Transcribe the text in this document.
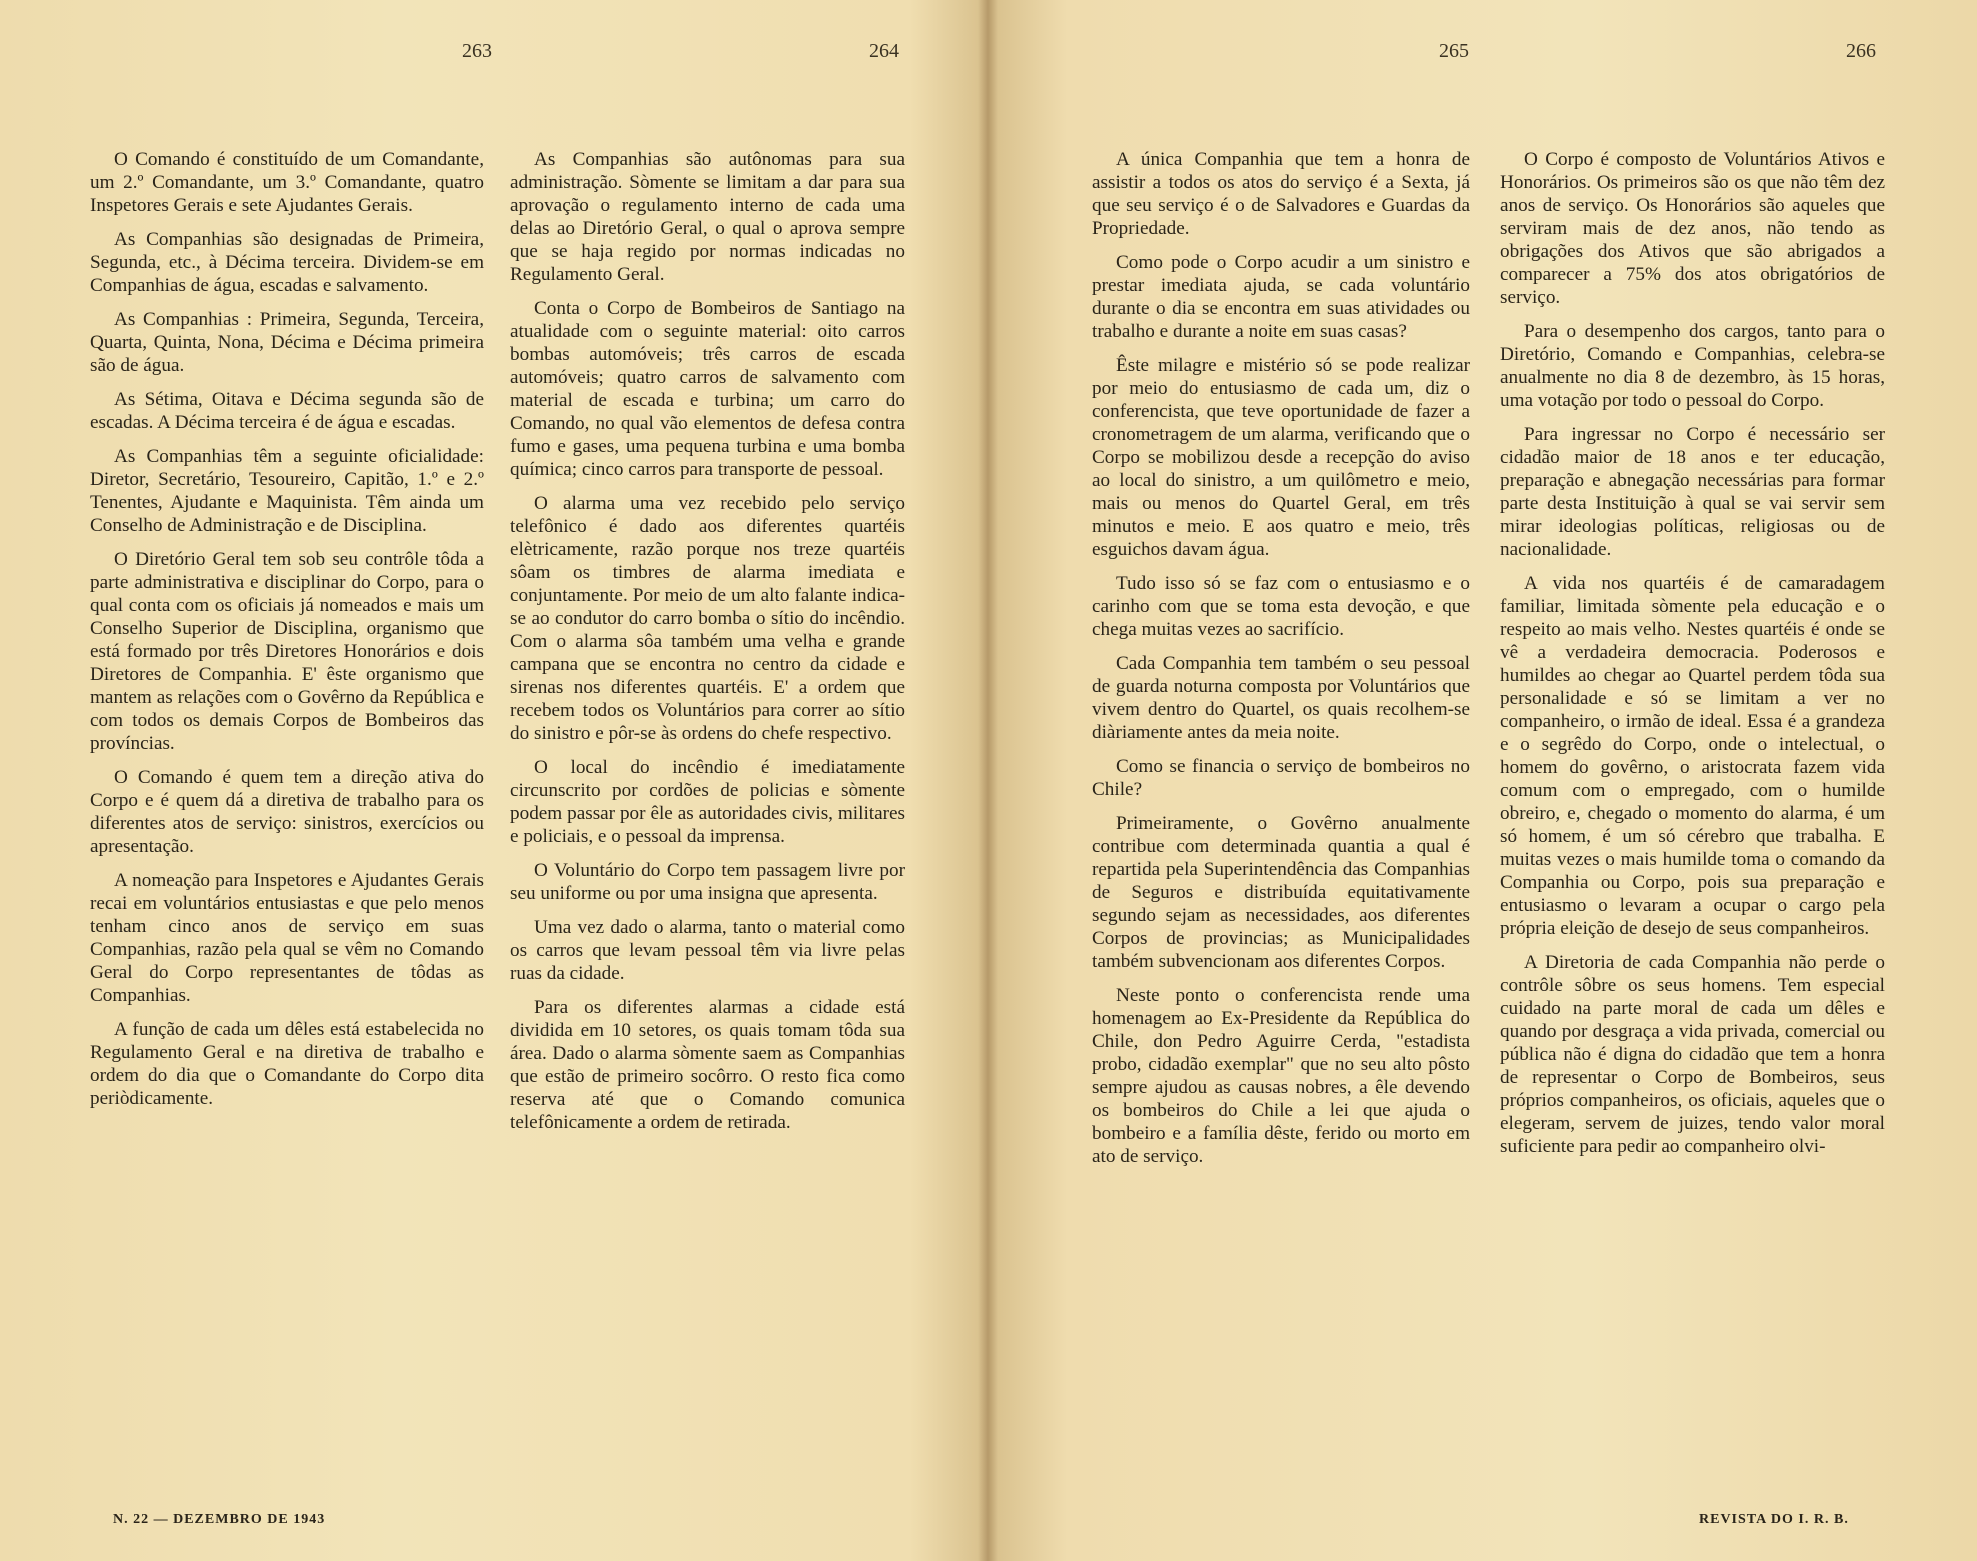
263	264

O Comando é constituído de um Comandante, um 2.º Comandante, um 3.º Comandante, quatro Inspetores Gerais e sete Ajudantes Gerais.

As Companhias são designadas de Primeira, Segunda, etc., à Décima terceira. Dividem-se em Companhias de água, escadas e salvamento.

As Companhias : Primeira, Segunda, Terceira, Quarta, Quinta, Nona, Décima e Décima primeira são de água.

As Sétima, Oitava e Décima segunda são de escadas. A Décima terceira é de água e escadas.

As Companhias têm a seguinte oficialidade: Diretor, Secretário, Tesoureiro, Capitão, 1.º e 2.º Tenentes, Ajudante e Maquinista. Têm ainda um Conselho de Administração e de Disciplina.

O Diretório Geral tem sob seu contrôle tôda a parte administrativa e disciplinar do Corpo, para o qual conta com os oficiais já nomeados e mais um Conselho Superior de Disciplina, organismo que está formado por três Diretores Honorários e dois Diretores de Companhia. E' êste organismo que mantem as relações com o Govêrno da República e com todos os demais Corpos de Bombeiros das províncias.

O Comando é quem tem a direção ativa do Corpo e é quem dá a diretiva de trabalho para os diferentes atos de serviço: sinistros, exercícios ou apresentação.

A nomeação para Inspetores e Ajudantes Gerais recai em voluntários entusiastas e que pelo menos tenham cinco anos de serviço em suas Companhias, razão pela qual se vêm no Comando Geral do Corpo representantes de tôdas as Companhias.

A função de cada um dêles está estabelecida no Regulamento Geral e na diretiva de trabalho e ordem do dia que o Comandante do Corpo dita periòdicamente.

As Companhias são autônomas para sua administração. Sòmente se limitam a dar para sua aprovação o regulamento interno de cada uma delas ao Diretório Geral, o qual o aprova sempre que se haja regido por normas indicadas no Regulamento Geral.

Conta o Corpo de Bombeiros de Santiago na atualidade com o seguinte material: oito carros bombas automóveis; três carros de escada automóveis; quatro carros de salvamento com material de escada e turbina; um carro do Comando, no qual vão elementos de defesa contra fumo e gases, uma pequena turbina e uma bomba química; cinco carros para transporte de pessoal.

O alarma uma vez recebido pelo serviço telefônico é dado aos diferentes quartéis elètricamente, razão porque nos treze quartéis sôam os timbres de alarma imediata e conjuntamente. Por meio de um alto falante indica-se ao condutor do carro bomba o sítio do incêndio. Com o alarma sôa também uma velha e grande campana que se encontra no centro da cidade e sirenas nos diferentes quartéis. E' a ordem que recebem todos os Voluntários para correr ao sítio do sinistro e pôr-se às ordens do chefe respectivo.

O local do incêndio é imediatamente circunscrito por cordões de policias e sòmente podem passar por êle as autoridades civis, militares e policiais, e o pessoal da imprensa.

O Voluntário do Corpo tem passagem livre por seu uniforme ou por uma insigna que apresenta.

Uma vez dado o alarma, tanto o material como os carros que levam pessoal têm via livre pelas ruas da cidade.

Para os diferentes alarmas a cidade está dividida em 10 setores, os quais tomam tôda sua área. Dado o alarma sòmente saem as Companhias que estão de primeiro socôrro. O resto fica como reserva até que o Comando comunica telefônicamente a ordem de retirada.

N. 22 — DEZEMBRO DE 1943
265	266

A única Companhia que tem a honra de assistir a todos os atos do serviço é a Sexta, já que seu serviço é o de Salvadores e Guardas da Propriedade.

Como pode o Corpo acudir a um sinistro e prestar imediata ajuda, se cada voluntário durante o dia se encontra em suas atividades ou trabalho e durante a noite em suas casas?

Êste milagre e mistério só se pode realizar por meio do entusiasmo de cada um, diz o conferencista, que teve oportunidade de fazer a cronometragem de um alarma, verificando que o Corpo se mobilizou desde a recepção do aviso ao local do sinistro, a um quilômetro e meio, mais ou menos do Quartel Geral, em três minutos e meio. E aos quatro e meio, três esguichos davam água.

Tudo isso só se faz com o entusiasmo e o carinho com que se toma esta devoção, e que chega muitas vezes ao sacrifício.

Cada Companhia tem também o seu pessoal de guarda noturna composta por Voluntários que vivem dentro do Quartel, os quais recolhem-se diàriamente antes da meia noite.

Como se financia o serviço de bombeiros no Chile?

Primeiramente, o Govêrno anualmente contribue com determinada quantia a qual é repartida pela Superintendência das Companhias de Seguros e distribuída equitativamente segundo sejam as necessidades, aos diferentes Corpos de provincias; as Municipalidades também subvencionam aos diferentes Corpos.

Neste ponto o conferencista rende uma homenagem ao Ex-Presidente da República do Chile, don Pedro Aguirre Cerda, "estadista probo, cidadão exemplar" que no seu alto pôsto sempre ajudou as causas nobres, a êle devendo os bombeiros do Chile a lei que ajuda o bombeiro e a família dêste, ferido ou morto em ato de serviço.

O Corpo é composto de Voluntários Ativos e Honorários. Os primeiros são os que não têm dez anos de serviço. Os Honorários são aqueles que serviram mais de dez anos, não tendo as obrigações dos Ativos que são abrigados a comparecer a 75% dos atos obrigatórios de serviço.

Para o desempenho dos cargos, tanto para o Diretório, Comando e Companhias, celebra-se anualmente no dia 8 de dezembro, às 15 horas, uma votação por todo o pessoal do Corpo.

Para ingressar no Corpo é necessário ser cidadão maior de 18 anos e ter educação, preparação e abnegação necessárias para formar parte desta Instituição à qual se vai servir sem mirar ideologias políticas, religiosas ou de nacionalidade.

A vida nos quartéis é de camaradagem familiar, limitada sòmente pela educação e o respeito ao mais velho. Nestes quartéis é onde se vê a verdadeira democracia. Poderosos e humildes ao chegar ao Quartel perdem tôda sua personalidade e só se limitam a ver no companheiro, o irmão de ideal. Essa é a grandeza e o segrêdo do Corpo, onde o intelectual, o homem do govêrno, o aristocrata fazem vida comum com o empregado, com o humilde obreiro, e, chegado o momento do alarma, é um só homem, é um só cérebro que trabalha. E muitas vezes o mais humilde toma o comando da Companhia ou Corpo, pois sua preparação e entusiasmo o levaram a ocupar o cargo pela própria eleição de desejo de seus companheiros.

A Diretoria de cada Companhia não perde o contrôle sôbre os seus homens. Tem especial cuidado na parte moral de cada um dêles e quando por desgraça a vida privada, comercial ou pública não é digna do cidadão que tem a honra de representar o Corpo de Bombeiros, seus próprios companheiros, os oficiais, aqueles que o elegeram, servem de juizes, tendo valor moral suficiente para pedir ao companheiro olvi-

REVISTA DO I. R. B.
